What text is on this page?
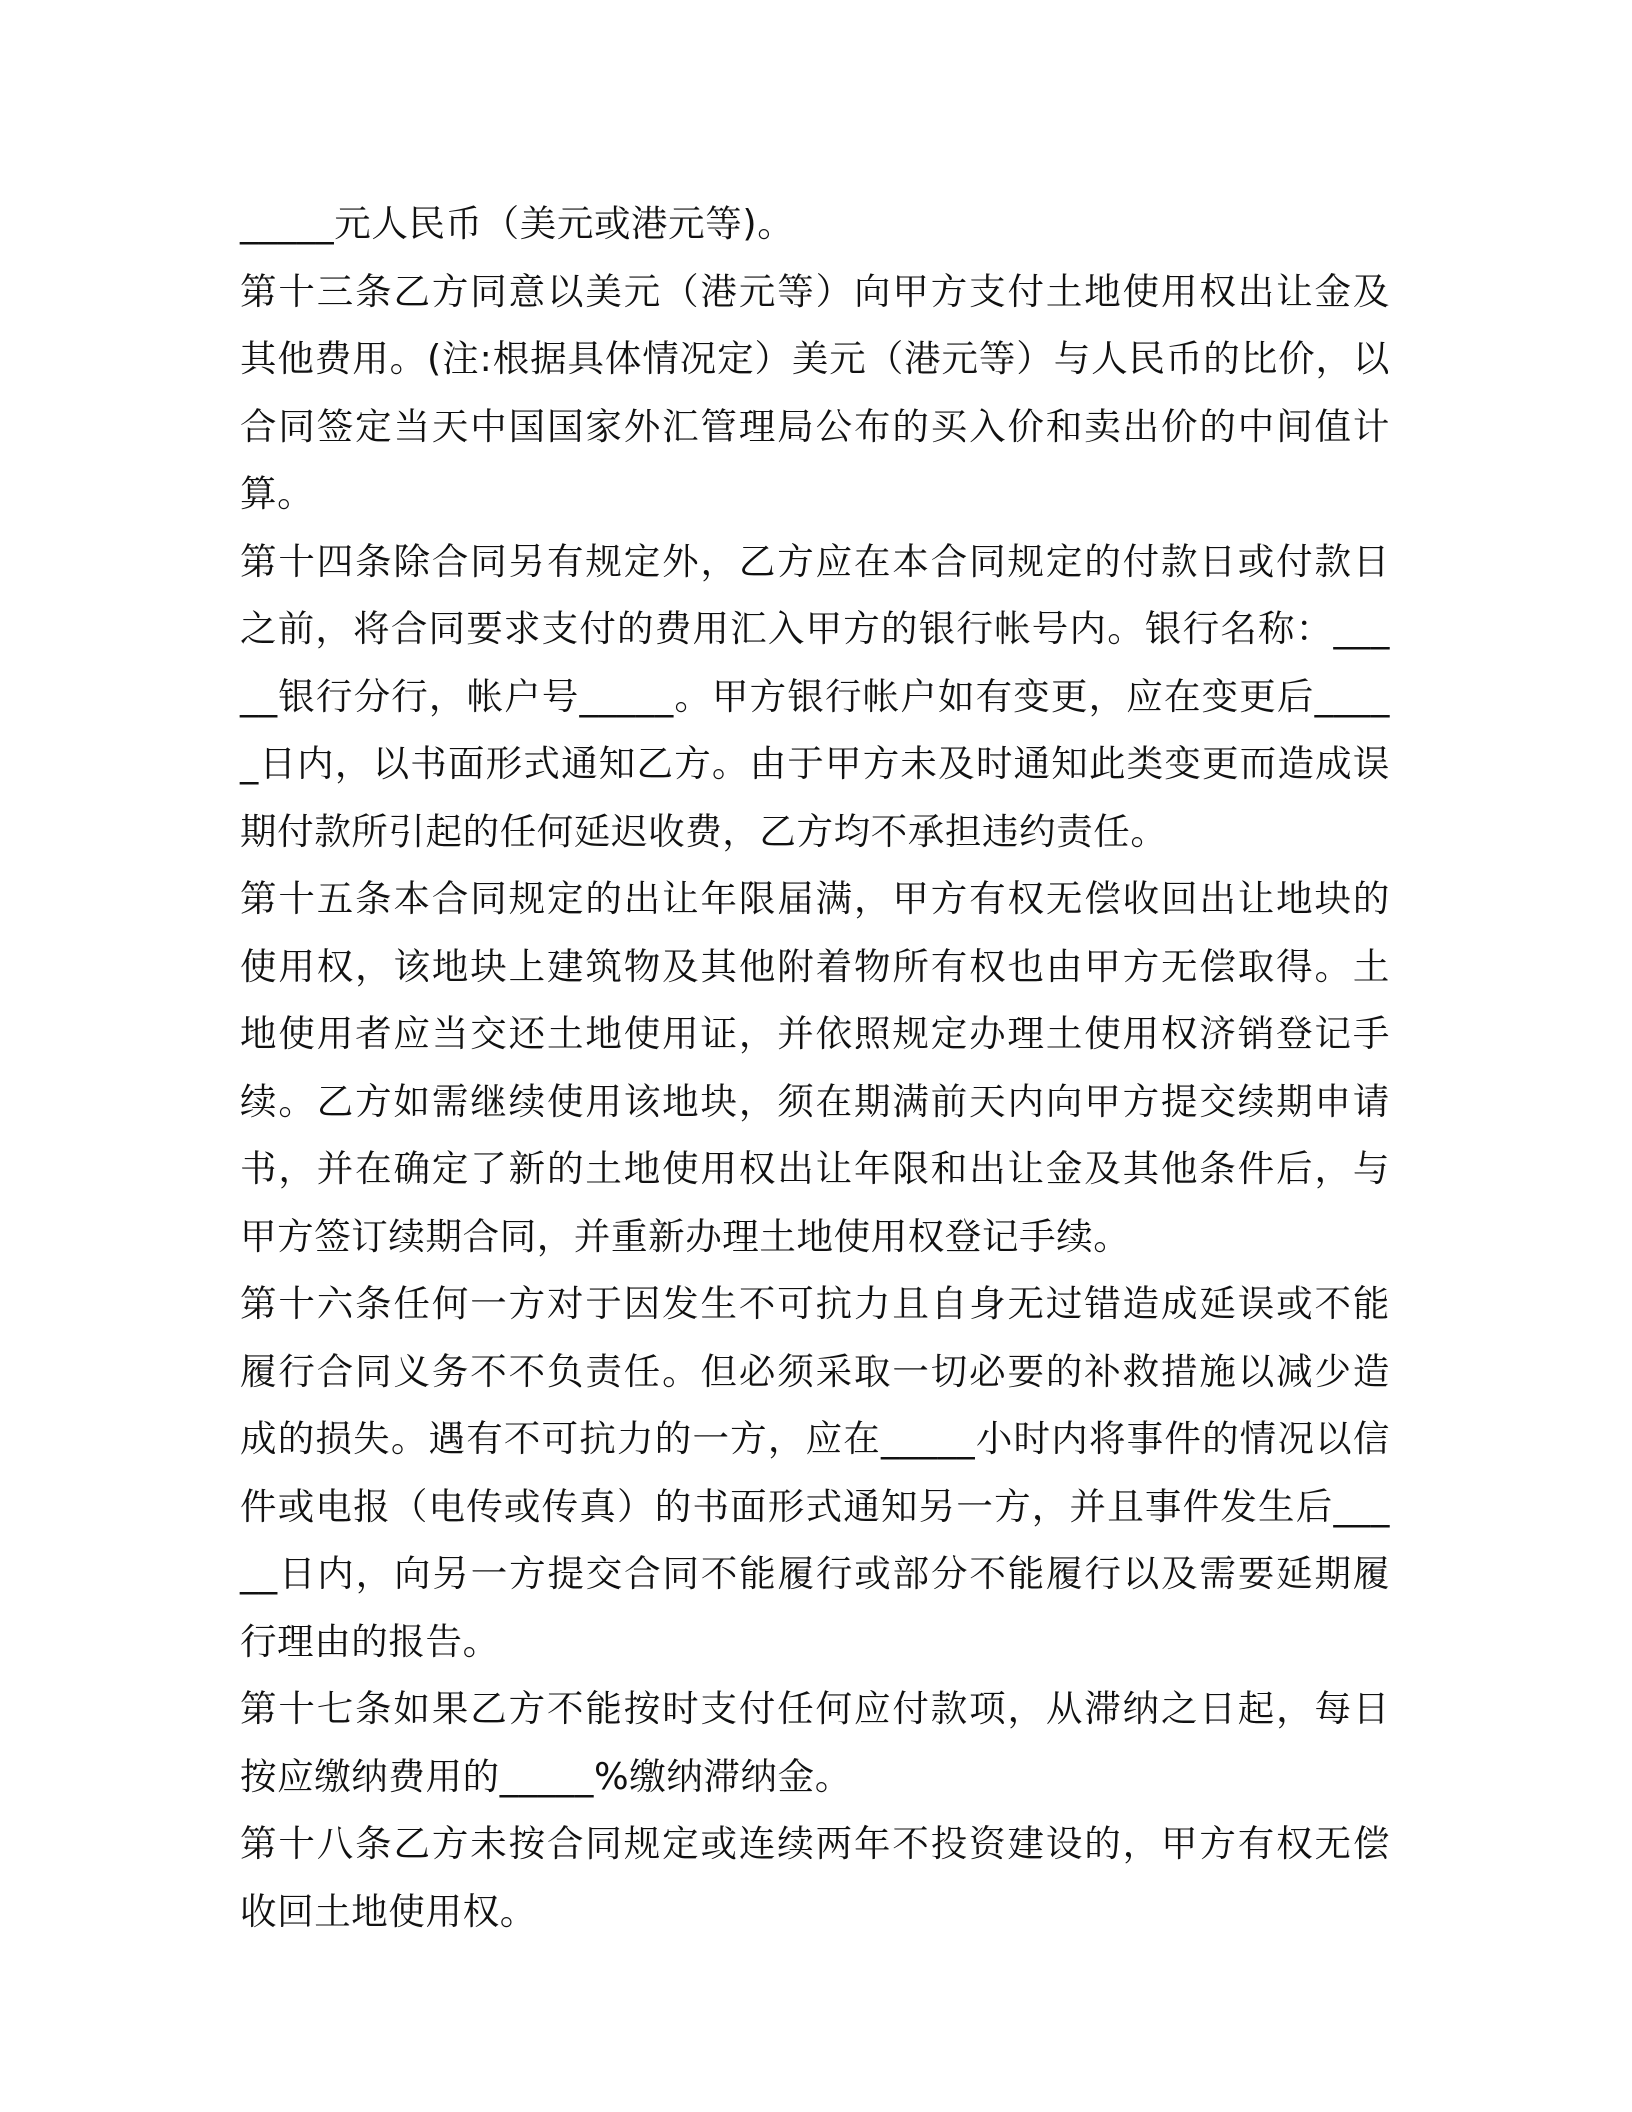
_____元人民币（美元或港元等)。

第十三条乙方同意以美元（港元等）向甲方支付土地使用权出让金及其他费用。(注:根据具体情况定）美元（港元等）与人民币的比价，以合同签定当天中国国家外汇管理局公布的买入价和卖出价的中间值计算。

第十四条除合同另有规定外，乙方应在本合同规定的付款日或付款日之前，将合同要求支付的费用汇入甲方的银行帐号内。银行名称：_____银行分行，帐户号_____。甲方银行帐户如有变更，应在变更后_____日内，以书面形式通知乙方。由于甲方未及时通知此类变更而造成误期付款所引起的任何延迟收费，乙方均不承担违约责任。

第十五条本合同规定的出让年限届满，甲方有权无偿收回出让地块的使用权，该地块上建筑物及其他附着物所有权也由甲方无偿取得。土地使用者应当交还土地使用证，并依照规定办理土使用权济销登记手续。乙方如需继续使用该地块，须在期满前天内向甲方提交续期申请书，并在确定了新的土地使用权出让年限和出让金及其他条件后，与甲方签订续期合同，并重新办理土地使用权登记手续。

第十六条任何一方对于因发生不可抗力且自身无过错造成延误或不能履行合同义务不不负责任。但必须采取一切必要的补救措施以减少造成的损失。遇有不可抗力的一方，应在_____小时内将事件的情况以信件或电报（电传或传真）的书面形式通知另一方，并且事件发生后_____日内，向另一方提交合同不能履行或部分不能履行以及需要延期履行理由的报告。

第十七条如果乙方不能按时支付任何应付款项，从滞纳之日起，每日按应缴纳费用的_____%缴纳滞纳金。

第十八条乙方未按合同规定或连续两年不投资建设的，甲方有权无偿收回土地使用权。
